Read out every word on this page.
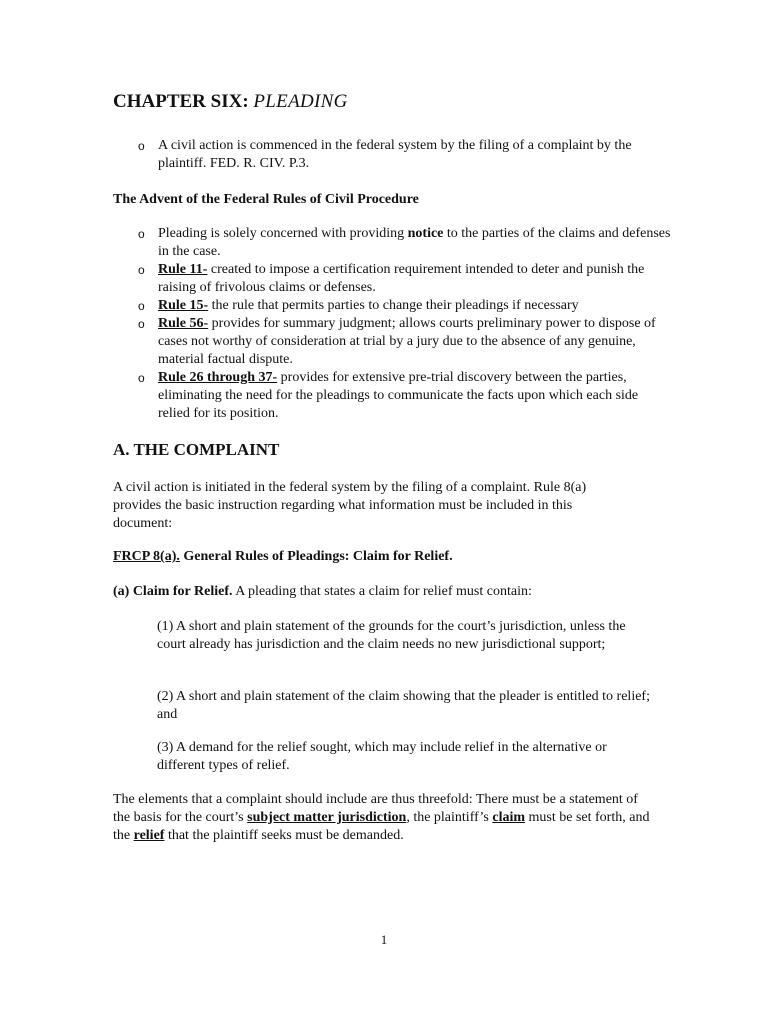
CHAPTER SIX: PLEADING
o A civil action is commenced in the federal system by the filing of a complaint by the plaintiff. FED. R. CIV. P.3.
The Advent of the Federal Rules of Civil Procedure
o Pleading is solely concerned with providing notice to the parties of the claims and defenses in the case.
o Rule 11- created to impose a certification requirement intended to deter and punish the raising of frivolous claims or defenses.
o Rule 15- the rule that permits parties to change their pleadings if necessary
o Rule 56- provides for summary judgment; allows courts preliminary power to dispose of cases not worthy of consideration at trial by a jury due to the absence of any genuine, material factual dispute.
o Rule 26 through 37- provides for extensive pre-trial discovery between the parties, eliminating the need for the pleadings to communicate the facts upon which each side relied for its position.
A. THE COMPLAINT

A civil action is initiated in the federal system by the filing of a complaint. Rule 8(a) provides the basic instruction regarding what information must be included in this document:

FRCP 8(a). General Rules of Pleadings: Claim for Relief.
(a) Claim for Relief. A pleading that states a claim for relief must contain:

(1) A short and plain statement of the grounds for the court’s jurisdiction, unless the court already has jurisdiction and the claim needs no new jurisdictional support;

(2) A short and plain statement of the claim showing that the pleader is entitled to relief; and

(3) A demand for the relief sought, which may include relief in the alternative or different types of relief.

The elements that a complaint should include are thus threefold: There must be a statement of the basis for the court’s subject matter jurisdiction, the plaintiff’s claim must be set forth, and the relief that the plaintiff seeks must be demanded.

1
